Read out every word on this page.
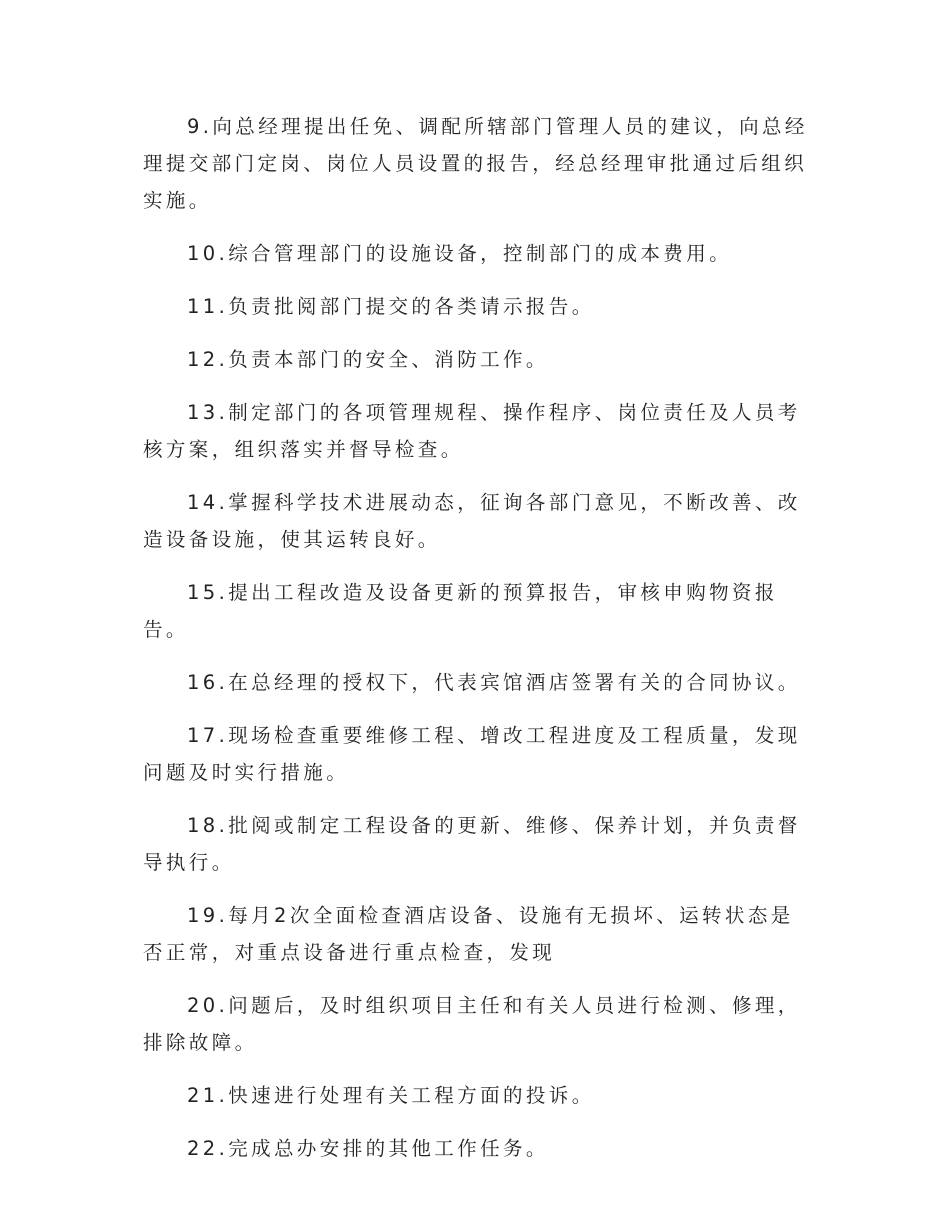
9.向总经理提出任免、调配所辖部门管理人员的建议，向总经理提交部门定岗、岗位人员设置的报告，经总经理审批通过后组织实施。

10.综合管理部门的设施设备，控制部门的成本费用。

11.负责批阅部门提交的各类请示报告。

12.负责本部门的安全、消防工作。

13.制定部门的各项管理规程、操作程序、岗位责任及人员考核方案，组织落实并督导检查。

14.掌握科学技术进展动态，征询各部门意见，不断改善、改造设备设施，使其运转良好。

15.提出工程改造及设备更新的预算报告，审核申购物资报告。

16.在总经理的授权下，代表宾馆酒店签署有关的合同协议。

17.现场检查重要维修工程、增改工程进度及工程质量，发现问题及时实行措施。

18.批阅或制定工程设备的更新、维修、保养计划，并负责督导执行。

19.每月2次全面检查酒店设备、设施有无损坏、运转状态是否正常，对重点设备进行重点检查，发现

20.问题后，及时组织项目主任和有关人员进行检测、修理，排除故障。

21.快速进行处理有关工程方面的投诉。

22.完成总办安排的其他工作任务。
